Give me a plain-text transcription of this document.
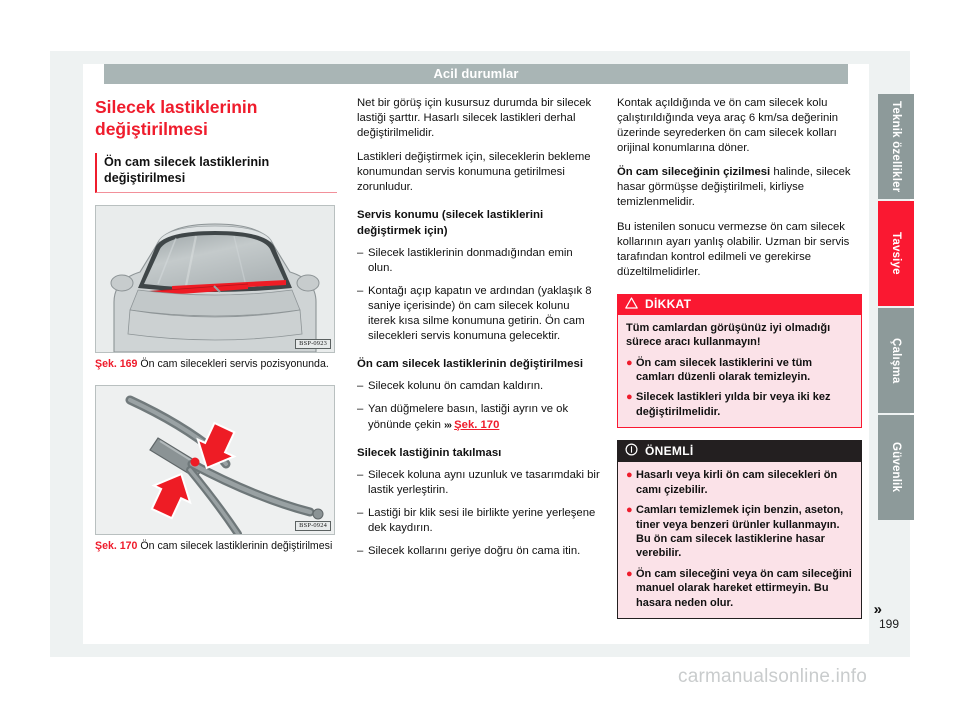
Acil durumlar
Silecek lastiklerinin değiştirilmesi
Ön cam silecek lastiklerinin değiştirilmesi
BSP-0923

Şek. 169 Ön cam silecekleri servis pozisyonunda.

BSP-0924

Şek. 170 Ön cam silecek lastiklerinin değiştirilmesi

Net bir görüş için kusursuz durumda bir silecek lastiği şarttır. Hasarlı silecek lastikleri derhal değiştirilmelidir.

Lastikleri değiştirmek için, sileceklerin bekleme konumundan servis konumuna getirilmesi zorunludur.

Servis konumu (silecek lastiklerini değiştirmek için)
– Silecek lastiklerinin donmadığından emin olun.
– Kontağı açıp kapatın ve ardından (yaklaşık 8 saniye içerisinde) ön cam silecek kolunu iterek kısa silme konumuna getirin. Ön cam silecekleri servis konumuna gelecektir.
Ön cam silecek lastiklerinin değiştirilmesi
– Silecek kolunu ön camdan kaldırın.
– Yan düğmelere basın, lastiği ayrın ve ok yönünde çekin ››› Şek. 170
Silecek lastiğinin takılması
– Silecek koluna aynı uzunluk ve tasarımdaki bir lastik yerleştirin.
– Lastiği bir klik sesi ile birlikte yerine yerleşene dek kaydırın.
– Silecek kollarını geriye doğru ön cama itin.

Kontak açıldığında ve ön cam silecek kolu çalıştırıldığında veya araç 6 km/sa değerinin üzerinde seyrederken ön cam silecek kolları orijinal konumlarına döner.

Ön cam sileceğinin çizilmesi halinde, silecek hasar görmüşse değiştirilmeli, kirliyse temizlenmelidir.

Bu istenilen sonucu vermezse ön cam silecek kollarının ayarı yanlış olabilir. Uzman bir servis tarafından kontrol edilmeli ve gerekirse düzeltilmelidirler.

DİKKAT

Tüm camlardan görüşünüz iyi olmadığı sürece aracı kullanmayın!

● Ön cam silecek lastiklerini ve tüm camları düzenli olarak temizleyin.

● Silecek lastikleri yılda bir veya iki kez değiştirilmelidir.

ÖNEMLİ

● Hasarlı veya kirli ön cam silecekleri ön camı çizebilir.

● Camları temizlemek için benzin, aseton, tiner veya benzeri ürünler kullanmayın. Bu ön cam silecek lastiklerine hasar verebilir.

● Ön cam sileceğini veya ön cam sileceğini manuel olarak hareket ettirmeyin. Bu hasara neden olur.	»
Teknik özellikler
Tavsiye
Çalışma
Güvenlik
199
carmanualsonline.info
